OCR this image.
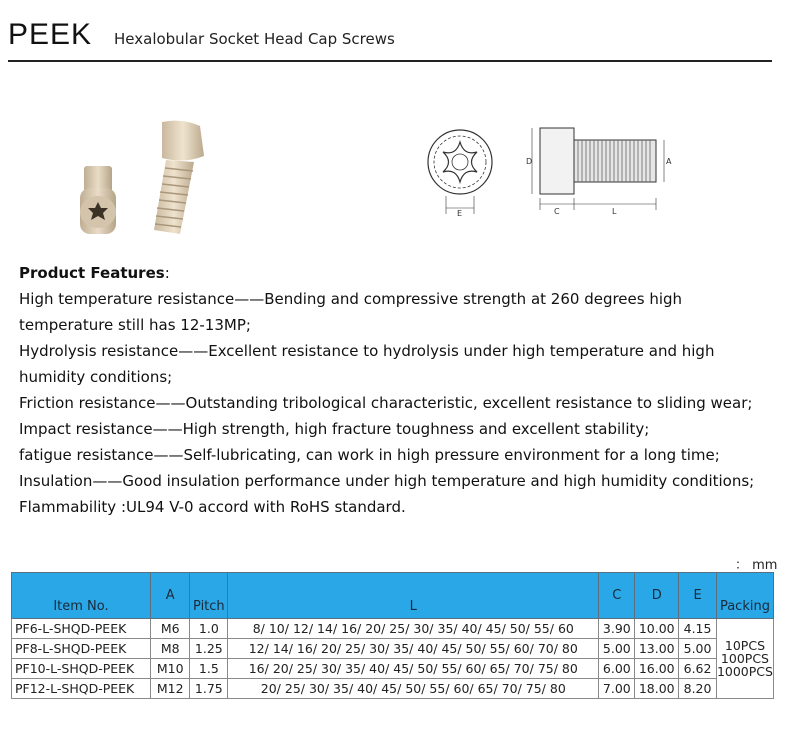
PEEK Hexalobular Socket Head Cap Screws
E
D	A
C	L

Product Features:

High temperature resistance——Bending and compressive strength at 260 degrees high temperature still has 12-13MP;

Hydrolysis resistance——Excellent resistance to hydrolysis under high temperature and high humidity conditions;

Friction resistance——Outstanding tribological characteristic, excellent resistance to sliding wear;

Impact resistance——High strength, high fracture toughness and excellent stability;

fatigue resistance——Self-lubricating, can work in high pressure environment for a long time;

Insulation——Good insulation performance under high temperature and high humidity conditions;

Flammability :UL94 V-0 accord with RoHS standard.

： mm
Item No.	A	Pitch	L	C	D	E	Packing
PF6-L-SHQD-PEEK	M6	1.0	8/ 10/ 12/ 14/ 16/ 20/ 25/ 30/ 35/ 40/ 45/ 50/ 55/ 60	3.90	10.00	4.15	10PCS
100PCS
1000PCS

PF8-L-SHQD-PEEK	M8	1.25	12/ 14/ 16/ 20/ 25/ 30/ 35/ 40/ 45/ 50/ 55/ 60/ 70/ 80	5.00	13.00	5.00	
PF10-L-SHQD-PEEK	M10	1.5	16/ 20/ 25/ 30/ 35/ 40/ 45/ 50/ 55/ 60/ 65/ 70/ 75/ 80	6.00	16.00	6.62	
PF12-L-SHQD-PEEK	M12	1.75	20/ 25/ 30/ 35/ 40/ 45/ 50/ 55/ 60/ 65/ 70/ 75/ 80	7.00	18.00	8.20	
